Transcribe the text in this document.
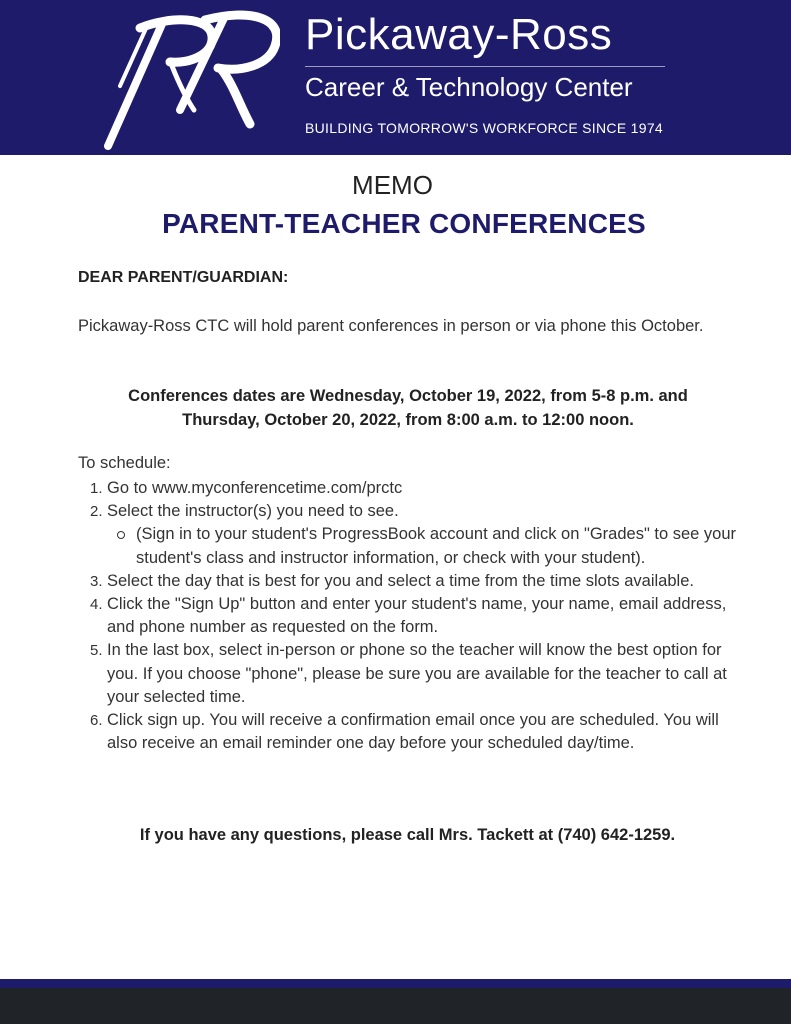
Pickaway-Ross
Career & Technology Center
BUILDING TOMORROW'S WORKFORCE SINCE 1974
MEMO
PARENT-TEACHER CONFERENCES
DEAR PARENT/GUARDIAN:
Pickaway-Ross CTC will hold parent conferences in person or via phone this October.
Conferences dates are Wednesday, October 19, 2022, from 5-8 p.m. and
Thursday, October 20, 2022, from 8:00 a.m. to 12:00 noon.
To schedule:
1. Go to www.myconferencetime.com/prctc
2. Select the instructor(s) you need to see.
(Sign in to your student's ProgressBook account and click on "Grades" to see your student's class and instructor information, or check with your student).
3. Select the day that is best for you and select a time from the time slots available.
4. Click the "Sign Up" button and enter your student's name, your name, email address, and phone number as requested on the form.
5. In the last box, select in-person or phone so the teacher will know the best option for you. If you choose "phone", please be sure you are available for the teacher to call at your selected time.
6. Click sign up. You will receive a confirmation email once you are scheduled. You will also receive an email reminder one day before your scheduled day/time.
If you have any questions, please call Mrs. Tackett at (740) 642-1259.
